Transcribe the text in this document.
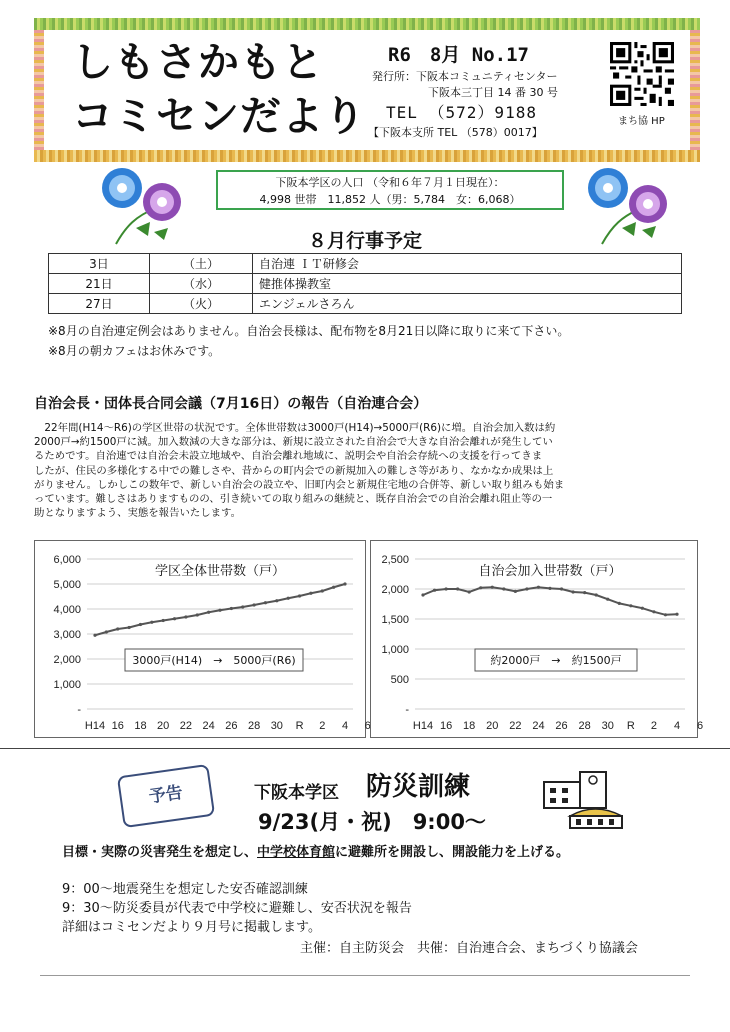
しもさかもと
コミセンだより
R6　8月 No.17
発行所：下阪本コミュニティセンター
下阪本三丁目 14 番 30 号
TEL （572）9188
【下阪本支所 TEL （578）0017】
まち協 HP
下阪本学区の人口 （令和６年７月１日現在）：
4,998 世帯　11,852 人（男：5,784　女：6,068）
８月行事予定
3日	（土）	自治連 ＩＴ研修会
21日	（水）	健推体操教室
27日	（火）	エンジェルさろん
※8月の自治連定例会はありません。自治会長様は、配布物を8月21日以降に取りに来て下さい。
※8月の朝カフェはお休みです。
自治会長・団体長合同会議（7月16日）の報告（自治連合会）
　22年間(H14～R6)の学区世帯の状況です。全体世帯数は3000戸(H14)→5000戸(R6)に増。自治会加入数は約
2000戸→約1500戸に減。加入数減の大きな部分は、新規に設立された自治会で大きな自治会離れが発生してい
るためです。自治連では自治会未設立地域や、自治会離れ地域に、説明会や自治会存続への支援を行ってきま
したが、住民の多様化する中での難しさや、昔からの町内会での新規加入の難しさ等があり、なかなか成果は上
がりません。しかしこの数年で、新しい自治会の設立や、旧町内会と新規住宅地の合併等、新しい取り組みも始ま
っています。難しさはありますものの、引き続いての取り組みの継続と、既存自治会での自治会離れ阻止等の一
助となりますよう、実態を報告いたします。
6,000
5,000
4,000
3,000
2,000
1,000
-
H14 16 18 20 22 24 26 28 30 R 2 4 6
学区全体世帯数（戸）
3000戸(H14)　→　5000戸(R6)
2,500
2,000
1,500
1,000
500
-
H14 16 18 20 22 24 26 28 30 R 2 4 6
自治会加入世帯数（戸）
約2000戸　→　約1500戸
予告	下阪本学区 防災訓練
9/23(月・祝)　9:00～
目標・実際の災害発生を想定し、中学校体育館に避難所を開設し、開設能力を上げる。
9：00～地震発生を想定した安否確認訓練
9：30～防災委員が代表で中学校に避難し、安否状況を報告
詳細はコミセンだより９月号に掲載します。
主催：自主防災会　共催：自治連合会、まちづくり協議会
